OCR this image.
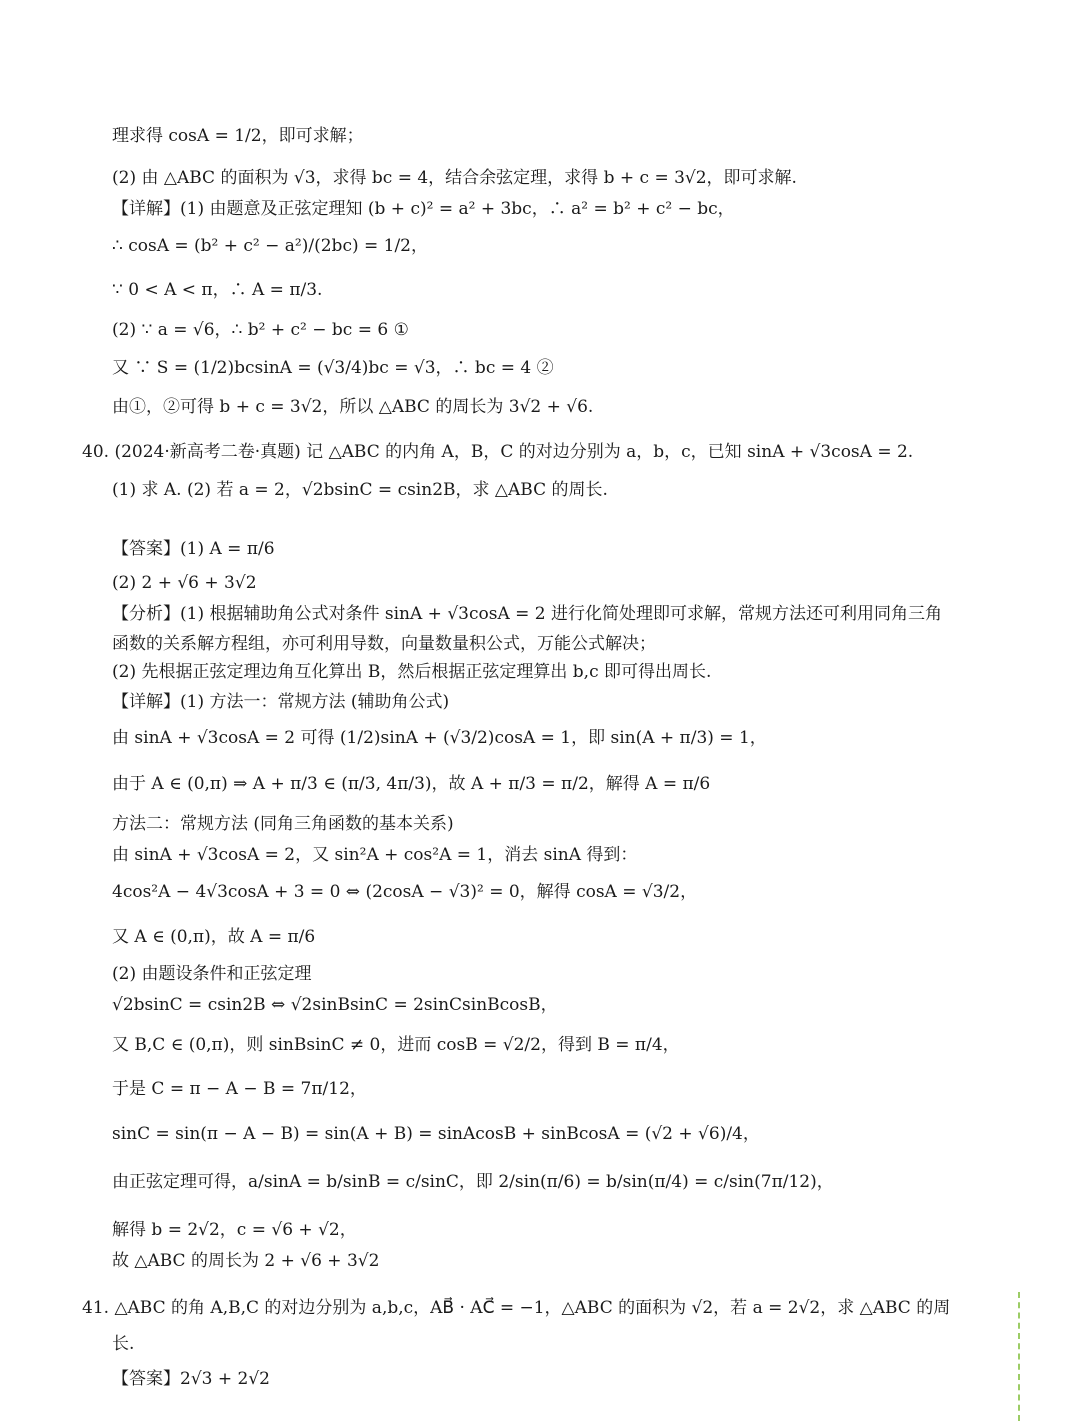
理求得 cosA = 1/2，即可求解；
(2) 由 △ABC 的面积为 √3，求得 bc = 4，结合余弦定理，求得 b + c = 3√2，即可求解.
【详解】(1) 由题意及正弦定理知 (b + c)² = a² + 3bc，∴ a² = b² + c² − bc，
∴ cosA = (b² + c² − a²)/(2bc) = 1/2，
∵ 0 < A < π，∴ A = π/3.
(2) ∵ a = √6，∴ b² + c² − bc = 6 ①
又 ∵ S = (1/2)bcsinA = (√3/4)bc = √3，∴ bc = 4 ②
由①，②可得 b + c = 3√2，所以 △ABC 的周长为 3√2 + √6.
40. (2024·新高考二卷·真题) 记 △ABC 的内角 A，B，C 的对边分别为 a，b，c，已知 sinA + √3cosA = 2.
(1) 求 A. (2) 若 a = 2，√2bsinC = csin2B，求 △ABC 的周长.
【答案】(1) A = π/6
(2) 2 + √6 + 3√2
【分析】(1) 根据辅助角公式对条件 sinA + √3cosA = 2 进行化简处理即可求解，常规方法还可利用同角三角
函数的关系解方程组，亦可利用导数，向量数量积公式，万能公式解决；
(2) 先根据正弦定理边角互化算出 B，然后根据正弦定理算出 b,c 即可得出周长.
【详解】(1) 方法一：常规方法 (辅助角公式)
由 sinA + √3cosA = 2 可得 (1/2)sinA + (√3/2)cosA = 1，即 sin(A + π/3) = 1，
由于 A ∈ (0,π) ⇒ A + π/3 ∈ (π/3, 4π/3)，故 A + π/3 = π/2，解得 A = π/6
方法二：常规方法 (同角三角函数的基本关系)
由 sinA + √3cosA = 2，又 sin²A + cos²A = 1，消去 sinA 得到：
4cos²A − 4√3cosA + 3 = 0 ⇔ (2cosA − √3)² = 0，解得 cosA = √3/2，
又 A ∈ (0,π)，故 A = π/6
(2) 由题设条件和正弦定理
√2bsinC = csin2B ⇔ √2sinBsinC = 2sinCsinBcosB，
又 B,C ∈ (0,π)，则 sinBsinC ≠ 0，进而 cosB = √2/2，得到 B = π/4，
于是 C = π − A − B = 7π/12，
sinC = sin(π − A − B) = sin(A + B) = sinAcosB + sinBcosA = (√2 + √6)/4，
由正弦定理可得，a/sinA = b/sinB = c/sinC，即 2/sin(π/6) = b/sin(π/4) = c/sin(7π/12)，
解得 b = 2√2，c = √6 + √2，
故 △ABC 的周长为 2 + √6 + 3√2
41. △ABC 的角 A,B,C 的对边分别为 a,b,c，AB⃗ · AC⃗ = −1，△ABC 的面积为 √2，若 a = 2√2，求 △ABC 的周
长.
【答案】2√3 + 2√2
